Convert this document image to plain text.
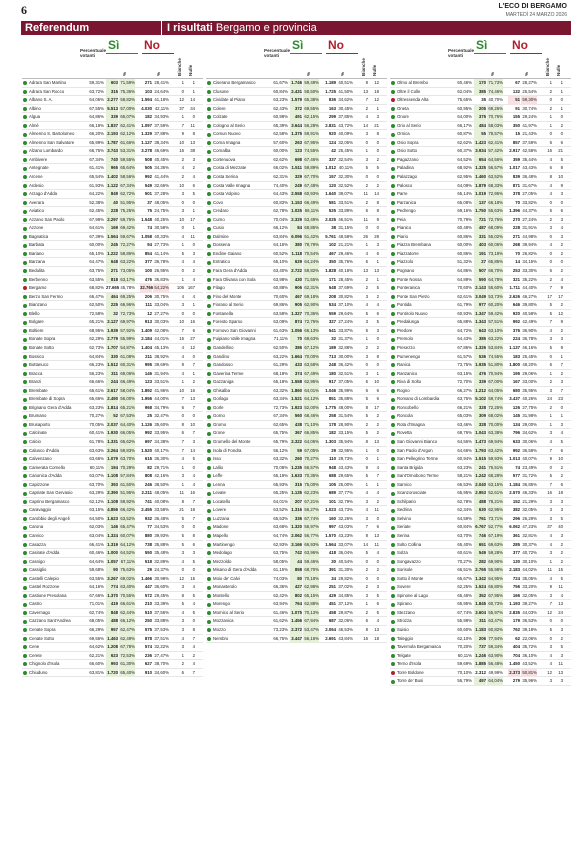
6	L'ECO DI BERGAMO
MARTEDÌ 24 MARZO 2026
Referendum	I risultati Bergamo e provincia
Percentuale votanti
Sì No
%	%	Bianche Nulle
Adrara San Martino	59,31%	603 71,59%	271 28,41%	1	1
Adrara San Rocco	63,72%	315 75,36%	103 24,64%	0	1
Albano S. A.	64,06% 2.277 58,82% 1.594 41,18%	12	14
Albino	67,55% 5.513 57,00% 4.030 42,11%	37	34
Algua	64,86%	339 65,07%	182 34,93%	1	0
Almè	66,19% 1.837 62,41% 1.097 37,59%	7	11
Almenno S. Bartolomeo	66,20% 2.193 62,12% 1.329 37,88%	9	8
Almenno San Salvatore	65,99% 1.787 61,66% 1.127 38,34%	10	13
Alzano Lombardo	66,75% 3.743 53,31% 3.278 46,69%	16	38
Ambivere	67,34%	740 59,55%	508 40,45%	2	3
Antegnate	61,41%	965 65,64%	505 34,36%	4	2
Arcene	65,54% 1.402 58,56%	992 41,44%	2	4
Ardesio	61,93% 1.122 67,34%	549 32,66%	10	6
Arzago d'Adda	64,22%	849 62,72%	501 37,28%	3	5
Averara	52,38%	40 51,95%	37 48,05%	0	0
Aviatico	62,45%	228 75,25%	75 24,75%	3	1
Azzano San Paolo	67,98% 2.297 59,75% 1.548 40,25%	10	17
Azzone	64,61%	169 69,42%	74 30,58%	0	1
Bagnatica	67,39% 1.564 59,67% 1.058 40,33%	4	11
Barbata	60,00%	245 72,27%	94 27,73%	1	0
Bariano	65,10% 1.222 58,86%	854 41,14%	5	3
Barzana	64,47%	648 63,22%	377 36,78%	4	4
Bedulita	63,75%	271 73,05%	100 26,95%	0	2
Berbenno	63,55%	818 63,17%	476 36,83%	1	4
Bergamo	68,82% 27.665 45,78% 32.766 54,22%	106 167
Berzo San Fermo	66,47%	464 69,25%	206 30,75%	4	4
Bianzano	62,50%	225 66,96%	111 33,04%	3	1
Blello	72,58%	32 72,73%	12 27,27%	0	0
Bolgare	65,21% 2.127 69,97%	913 30,03%	10	16
Boltiere	68,95% 1.939 57,92% 1.409 42,08%	7	6
Bonate Sopra	62,29% 2.779 55,99% 2.184 44,01%	15	27
Bonate Sotto	62,73% 1.707 54,87% 1.404 45,13%	4	12
Bossico	64,84%	330 61,08%	211 38,92%	4	0
Bottanuco	66,23% 1.512 60,31%	995 39,69%	9	7
Bracca	56,23%	311 69,06%	146 31,94%	4	1
Branzi	66,66%	244 66,49%	123 33,51%	1	2
Brembate	66,61% 2.617 58,04% 1.892 41,96%	10	16
Brembate di Sopra	65,66% 2.490 56,00% 1.956 44,00%	7	13
Brignano Gera d'Adda	63,23% 1.814 65,21%	968 34,79%	6	7
Brumano	70,27%	52 67,53%	25 32,47%	0	0
Brusaporto	70,05% 2.037 64,40% 1.126 35,60%	8	10
Calcinate	60,41% 1.930 66,05%	992 33,95%	6	7
Calcio	61,78% 1.331 65,62%	697 34,38%	7	3
Calusco d'Adda	63,63% 2.264 59,83% 1.520 40,17%	7	14
Calvenzano	63,66% 1.079 63,70%	615 36,30%	4	5
Camerata Cornello	60,11%	194 70,29%	82 29,71%	1	0
Canonica d'Adda	63,07% 1.108 57,84%	808 42,16%	3	4
Capizzone	63,70%	393 61,50%	246 38,50%	1	4
Capriate San Gervasio	63,29% 2.390 51,95%	2.211 48,05%	11	16
Caprino Bergamasco	62,12% 1.108 59,92%	741 40,08%	8	7
Caravaggio	63,15% 4.856 66,42% 2.455 33,58%	21	18
Carobbio degli Angeli	64,50% 1.623 63,52%	932 36,48%	5	7
Carona	62,03%	146 65,47%	77 34,53%	0	0
Carvico	63,04% 1.324 60,07%	880 39,93%	5	8
Casazza	66,41% 1.319 64,12%	738 35,88%	5	6
Casirate d'Adda	60,46% 1.000 64,52%	550 35,48%	3	3
Casnigo	64,64% 1.057 67,11%	518 32,89%	4	5
Cassiglio	59,68%	90 75,63%	29 24,37%	0	0
Castelli Calepio	63,55% 3.267 69,02% 1.466 30,98%	12	15
Castel Rozzone	64,16%	774 63,40%	447 36,60%	3	4
Castione Presolana	67,66% 1.370 70,55%	572 29,45%	8	5
Castro	71,01%	419 66,61%	210 33,39%	5	4
Cavernago	62,74%	848 62,44%	510 37,56%	4	5
Cazzano Sant'Andrea	68,05%	488 66,12%	250 33,88%	3	0
Cenate Sopra	66,29%	957 62,47%	575 37,53%	3	8
Cenate Sotto	69,56% 1.463 62,49%	878 37,51%	4	7
Cene	64,62% 1.208 67,78%	574 32,22%	3	4
Cerete	62,21%	623 72,53%	236 27,47%	1	2
Chignolo d'Isola	66,60%	993 61,30%	627 38,70%	2	4
Chiuduno	63,81% 1.720 65,40%	910 34,60%	6	7
Percentuale votanti
Sì No
%	%	Bianche Nulle
Ciserano Bergamasco	61,67% 1.746 59,49% 1.189 40,51%	8	12
Clusone	60,84% 2.431 58,50% 1.725 41,50%	13	18
Cividate al Piano	63,23% 1.579 65,38%	836 34,62%	7	12
Colere	62,43%	372 69,55%	163 30,45%	2	1
Colzate	60,98%	491 62,15%	299 37,85%	4	3
Cologno al Serio	65,39% 3.644 56,28% 2.831 43,72%	14	21
Comun Nuovo	62,58% 1.375 59,91%	920 40,09%	3	8
Corna Imagna	57,60%	263 67,95%	124 32,05%	0	0
Cornalba	60,00%	123 74,55%	42 25,45%	1	0
Cortenuova	62,62%	698 67,46%	337 32,54%	3	2
Costa di Mezzate	66,02% 1.511 59,89% 1.012 40,11%	5	5
Costa Serina	62,31%	329 67,70%	157 32,30%	0	0
Costa Valle Imagna	74,40%	249 67,48%	120 32,52%	2	2
Costa Volpino	64,43% 2.558 60,93% 1.640 39,07%	11	14
Covo	60,83% 1.153 66,49%	581 33,51%	2	8
Credaro	62,78% 1.025 66,11%	525 33,89%	6	8
Curno	70,04% 2.329 53,49% 2.025 46,51%	11	9
Cusio	66,12%	84 68,85%	38 31,15%	0	0
Dalmine	63,84% 6.096 51,42% 5.761 48,58%	26	28
Dossena	64,16%	380 78,79%	102 21,21%	1	3
Endine Gaiano	60,52% 1.118 70,54%	467 29,46%	4	6
Entratico	65,10%	629 64,24%	350 35,76%	6	1
Fara Gera d'Adda	63,40% 2.722 59,82% 1.828 40,18%	13	13
Fara Olivana con Sola	63,98%	430 71,55%	171 28,45%	2	1
Filago	60,88%	906 62,31%	548 37,69%	2	5
Fino del Monte	70,60%	467 69,18%	208 30,82%	3	2
Fiorano al Serio	69,86%	905 62,90%	534 37,10%	4	4
Fontanella	63,58% 1.327 70,36%	559 29,64%	5	6
Foresto Sparso	63,09%	874 72,76%	327 27,24%	3	5
Fornovo San Giovanni	61,63% 1.056 66,13%	541 33,87%	5	3
Fuipiano Valle Imagna	71,11%	70 68,63%	32 31,37%	1	0
Gandellino	62,50%	386 67,12%	189 32,88%	2	2
Gandino	63,22% 1.664 70,00%	713 30,00%	3	8
Gandosso	61,29%	433 63,58%	248 36,42%	0	0
Gaverina Terme	68,18%	374 67,49%	180 32,51%	3	1
Gazzaniga	65,18% 1.558 62,95%	917 37,05%	6	10
Ghisalba	63,32% 1.860 64,01% 1.046 35,99%	6	6
Gorlago	63,34% 1.521 64,12%	851 35,88%	5	6
Gorle	72,73% 1.923 52,00% 1.775 48,00%	8	17
Gorno	67,34%	560 68,46%	258 31,54%	5	2
Gromo	62,65%	438 71,10%	178 28,90%	2	2
Grone	65,75%	367 66,85%	182 33,15%	5	2
Grumello del Monte	65,79% 2.322 64,06% 1.303 35,94%	8	13
Isola di Fondra	56,12%	59 67,05%	29 32,95%	1	0
Isso	63,32%	260 70,27%	110 29,73%	0	1
Lallio	70,08% 1.235 56,57%	948 43,43%	9	4
Leffe	65,19% 1.633 70,35%	688 29,65%	5	7
Lenna	65,93%	315 75,00%	105 25,00%	1	1
Levate	65,25% 1.135 62,23%	689 37,77%	4	4
Locatello	64,01%	207 67,21%	101 32,79%	3	2
Lovere	63,52% 1.316 56,27% 1.023 43,73%	4	11
Luzzana	65,53%	336 67,74%	160 32,26%	3	0
Madone	63,68% 1.320 56,97%	997 43,03%	7	6
Mapello	64,74% 2.062 56,77% 1.570 43,23%	8	13
Martinengo	62,93% 3.166 66,93% 1.564 33,07%	14	11
Medolago	63,75%	742 63,96%	418 36,04%	5	4
Mezzoldo	58,05%	44 59,46%	30 40,54%	0	0
Misano di Gera d'Adda	61,15%	858 68,70%	391 31,30%	2	2
Moio de' Calvi	74,03%	80 70,18%	34 29,82%	0	0
Monasterolo	66,36%	427 62,98%	251 37,02%	2	3
Montello	62,42%	802 65,15%	429 34,85%	3	5
Morengo	63,94%	764 62,88%	451 37,12%	1	6
Mornico al Serio	61,46% 1.075 70,13%	458 29,87%	2	5
Mozzanica	61,62% 1.456 67,94%	687 32,06%	6	4
Mozzo	73,23% 2.372 53,47% 2.064 46,53%	8	13
Nembro	66,75% 3.447 56,16% 2.691 43,84%	16	18
Percentuale votanti
Sì No
%	%	Bianche Nulle
Olmo al Brembo	60,46%	170 71,73%	67 28,27%	1	1
Oltre il Colle	62,04%	385 74,46%	132 25,54%	2	1
Oltressenda Alta	75,65%	35 40,70%	51 59,30%	0	0
Oneta	60,95%	205 69,26%	91 30,74%	2	1
Onore	64,00%	375 70,76%	155 29,24%	1	0
Orio al Serio	66,17%	484 58,03%	350 41,97%	1	2
Ornica	60,87%	55 78,57%	15 21,43%	0	0
Osio Sopra	62,62% 1.423 62,41%	857 37,59%	6	6
Osio Sotto	60,37% 3.934 57,42% 2.917 42,58%	16	21
Pagazzano	64,52%	654 64,56%	359 35,44%	4	5
Paladina	68,92% 1.325 56,57% 1.017 43,43%	6	8
Palazzago	62,95% 1.460 63,52%	839 36,48%	8	10
Palosco	64,09% 1.879 68,33%	871 31,67%	4	9
Parre	65,14% 1.019 72,95%	378 27,05%	4	3
Parzanica	65,08%	137 66,18%	70 33,82%	0	0
Pedrengo	69,16% 1.750 55,63% 1.396 44,37%	5	6
Peia	70,79%	721 72,76%	270 27,24%	2	3
Pianico	60,48%	487 68,09%	228 31,91%	3	4
Piario	60,86%	331 55,02%	271 44,98%	0	3
Piazza Brembana	60,00%	403 60,06%	268 39,94%	4	2
Piazzatorre	60,86%	191 73,18%	70 26,82%	0	2
Piazzolo	51,32%	27 65,85%	14 34,15%	0	0
Pognano	64,86%	507 66,70%	253 33,30%	6	2
Ponte Nossa	64,89%	590 64,78%	321 35,22%	2	4
Ponteranica	70,60% 2.143 55,60%	1.711 44,40%	7	9
Ponte San Pietro	62,61% 3.049 53,73% 2.626 46,27%	17	17
Pontida	61,79%	977 60,20%	646 39,80%	5	2
Pontirolo Nuovo	60,93% 1.347 59,42%	920 40,58%	5	12
Predalunga	65,88% 1.343 57,51%	992 42,49%	7	9
Predore	64,72%	643 63,10%	376 36,90%	4	2
Premolo	64,43%	385 63,22%	224 36,78%	3	3
Presezzo	67,86% 1.326 53,84% 1.137 46,16%	5	9
Pumenengo	61,57%	536 74,55%	183 25,45%	0	1
Ranica	73,75% 1.935 51,80% 1.800 48,20%	6	7
Ranzanico	63,15%	476 70,94%	195 29,06%	1	2
Riva di Solto	72,70%	339 67,00%	167 33,00%	2	3
Rogno	66,27% 1.212 64,05%	680 35,95%	3	7
Romano di Lombardia	63,75% 5.102 59,74% 3.437 40,26%	24	23
Roncobello	66,21%	328 72,25%	126 27,75%	2	0
Roncola	65,03%	309 68,02%	145 31,98%	1	1
Rota d'Imagna	63,46%	328 70,00%	134 29,00%	1	3
Rovetta	69,76% 1.043 63,38%	796 34,62%	3	4
San Giovanni Bianco	64,56% 1.473 69,94%	633 30,06%	4	5
San Paolo d'Argon	64,66% 1.793 63,42%	992 36,58%	7	6
San Pellegrino Terme	60,94% 1.515 59,93% 1.013 40,07%	9	10
Santa Brigida	63,23%	241 76,51%	74 23,49%	0	2
Sant'Omobono Terme	58,21% 1.242 68,28%	577 31,72%	5	2
Sarnico	66,53% 2.040 63,15% 1.184 36,85%	7	6
Scanzorosciate	65,95% 2.953 52,61% 2.570 46,33%	16	18
Schilpario	62,78%	488 78,21%	152 21,29%	3	3
Sedrina	62,34%	630 62,95%	382 32,05%	3	3
Selvino	64,59%	761 73,71%	296 26,29%	3	5
Seriate	60,84% 6.767 52,77% 6.062 47,23%	37	40
Serina	63,70%	746 67,19%	361 32,81%	4	3
Solto Collina	65,40%	651 69,63%	285 30,37%	4	2
Solza	60,61%	549 59,28%	377 40,72%	3	2
Songavazzo	70,27%	282 69,90%	130 30,10%	1	2
Sorisole	66,51% 2.765 55,98% 2.183 44,02%	11	15
Sotto il Monte	65,67% 1.342 64,95%	724 35,05%	4	5
Sovere	62,25% 1.524 66,80%	756 33,20%	9	11
Spinone al Lago	65,46%	352 67,95%	166 32,05%	3	4
Spirano	65,95% 1.845 60,73% 1.193 39,27%	7	13
Stezzano	67,74% 3.604 55,97% 2.835 44,03%	12	24
Strozza	55,98%	311 63,47%	179 36,53%	0	0
Suisio	60,60% 1.183 60,82%	762 39,18%	5	3
Taleggio	62,10%	206 77,94%	62 22,06%	0	2
Tavernola Bergamasca	70,20%	737 59,34%	404 35,72%	3	5
Telgate	60,11% 1.246 63,90%	704 36,10%	4	3
Terno d'Isola	59,69% 1.885 56,48% 1.450 43,52%	4	11
Torre Boldone	70,10% 2.312 49,99% 2.373 50,81%	12	13
Torre de' Busi	56,79%	497 64,04%	279 35,96%	3	3
